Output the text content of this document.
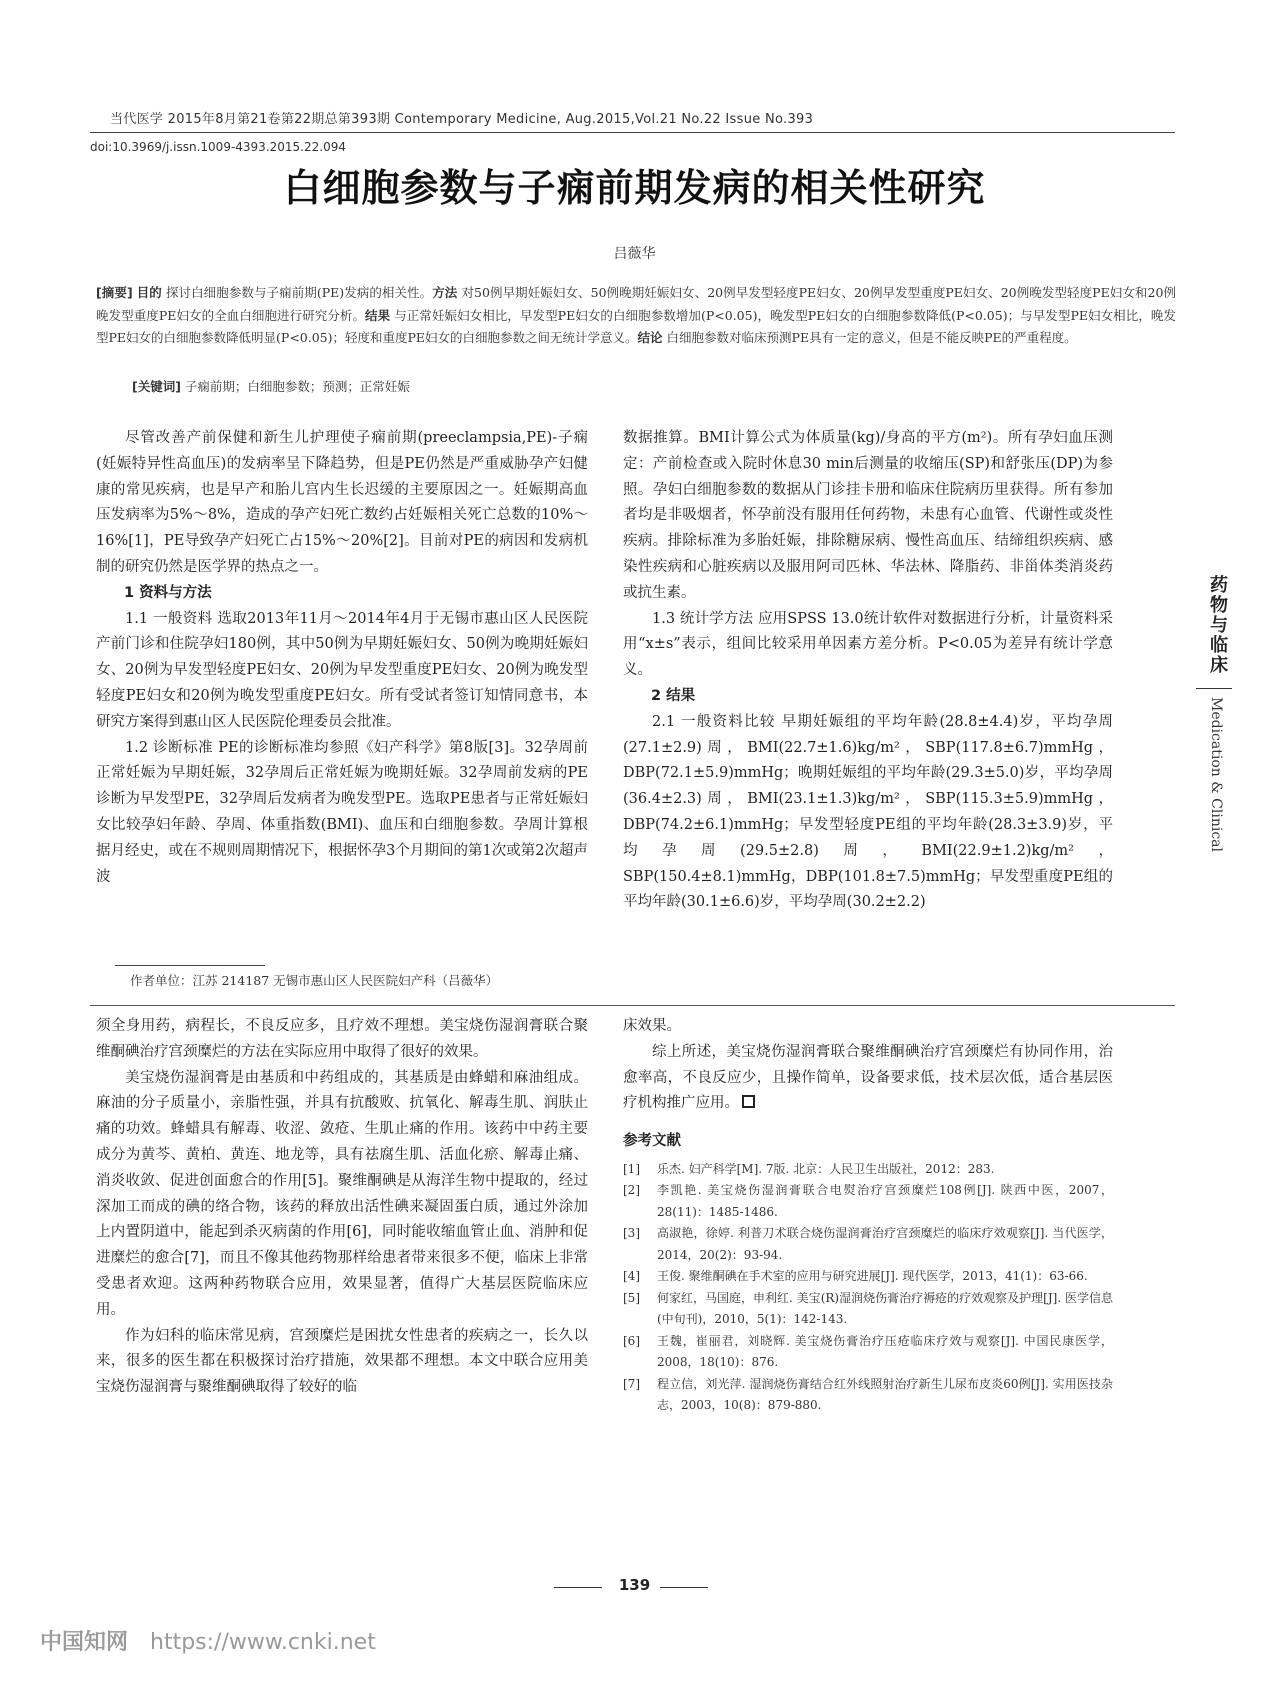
当代医学 2015年8月第21卷第22期总第393期 Contemporary Medicine, Aug.2015,Vol.21 No.22 Issue No.393
doi:10.3969/j.issn.1009-4393.2015.22.094
白细胞参数与子痫前期发病的相关性研究
吕薇华
[摘要] 目的 探讨白细胞参数与子痫前期(PE)发病的相关性。方法 对50例早期妊娠妇女、50例晚期妊娠妇女、20例早发型轻度PE妇女、20例早发型重度PE妇女、20例晚发型轻度PE妇女和20例晚发型重度PE妇女的全血白细胞进行研究分析。结果 与正常妊娠妇女相比，早发型PE妇女的白细胞参数增加(P<0.05)，晚发型PE妇女的白细胞参数降低(P<0.05)；与早发型PE妇女相比，晚发型PE妇女的白细胞参数降低明显(P<0.05)；轻度和重度PE妇女的白细胞参数之间无统计学意义。结论 白细胞参数对临床预测PE具有一定的意义，但是不能反映PE的严重程度。
[关键词] 子痫前期；白细胞参数；预测；正常妊娠

尽管改善产前保健和新生儿护理使子痫前期(preeclampsia,PE)-子痫(妊娠特异性高血压)的发病率呈下降趋势，但是PE仍然是严重威胁孕产妇健康的常见疾病，也是早产和胎儿宫内生长迟缓的主要原因之一。妊娠期高血压发病率为5%～8%，造成的孕产妇死亡数约占妊娠相关死亡总数的10%～16%[1]，PE导致孕产妇死亡占15%～20%[2]。目前对PE的病因和发病机制的研究仍然是医学界的热点之一。

1 资料与方法

1.1 一般资料 选取2013年11月～2014年4月于无锡市惠山区人民医院产前门诊和住院孕妇180例，其中50例为早期妊娠妇女、50例为晚期妊娠妇女、20例为早发型轻度PE妇女、20例为早发型重度PE妇女、20例为晚发型轻度PE妇女和20例为晚发型重度PE妇女。所有受试者签订知情同意书，本研究方案得到惠山区人民医院伦理委员会批准。

1.2 诊断标准 PE的诊断标准均参照《妇产科学》第8版[3]。32孕周前正常妊娠为早期妊娠，32孕周后正常妊娠为晚期妊娠。32孕周前发病的PE诊断为早发型PE，32孕周后发病者为晚发型PE。选取PE患者与正常妊娠妇女比较孕妇年龄、孕周、体重指数(BMI)、血压和白细胞参数。孕周计算根据月经史，或在不规则周期情况下，根据怀孕3个月期间的第1次或第2次超声波

数据推算。BMI计算公式为体质量(kg)/身高的平方(m²)。所有孕妇血压测定：产前检查或入院时休息30 min后测量的收缩压(SP)和舒张压(DP)为参照。孕妇白细胞参数的数据从门诊挂卡册和临床住院病历里获得。所有参加者均是非吸烟者，怀孕前没有服用任何药物，未患有心血管、代谢性或炎性疾病。排除标准为多胎妊娠，排除糖尿病、慢性高血压、结缔组织疾病、感染性疾病和心脏疾病以及服用阿司匹林、华法林、降脂药、非甾体类消炎药或抗生素。

1.3 统计学方法 应用SPSS 13.0统计软件对数据进行分析，计量资料采用“x±s”表示，组间比较采用单因素方差分析。P<0.05为差异有统计学意义。

2 结果

2.1 一般资料比较 早期妊娠组的平均年龄(28.8±4.4)岁，平均孕周(27.1±2.9)周，BMI(22.7±1.6)kg/m²，SBP(117.8±6.7)mmHg，DBP(72.1±5.9)mmHg；晚期妊娠组的平均年龄(29.3±5.0)岁，平均孕周(36.4±2.3)周，BMI(23.1±1.3)kg/m²，SBP(115.3±5.9)mmHg，DBP(74.2±6.1)mmHg；早发型轻度PE组的平均年龄(28.3±3.9)岁，平均孕周(29.5±2.8)周，BMI(22.9±1.2)kg/m²，SBP(150.4±8.1)mmHg，DBP(101.8±7.5)mmHg；早发型重度PE组的平均年龄(30.1±6.6)岁，平均孕周(30.2±2.2)

作者单位：江苏 214187 无锡市惠山区人民医院妇产科（吕薇华）

须全身用药，病程长，不良反应多，且疗效不理想。美宝烧伤湿润膏联合聚维酮碘治疗宫颈糜烂的方法在实际应用中取得了很好的效果。

美宝烧伤湿润膏是由基质和中药组成的，其基质是由蜂蜡和麻油组成。麻油的分子质量小，亲脂性强，并具有抗酸败、抗氧化、解毒生肌、润肤止痛的功效。蜂蜡具有解毒、收涩、敛疮、生肌止痛的作用。该药中中药主要成分为黄芩、黄柏、黄连、地龙等，具有祛腐生肌、活血化瘀、解毒止痛、消炎收敛、促进创面愈合的作用[5]。聚维酮碘是从海洋生物中提取的，经过深加工而成的碘的络合物，该药的释放出活性碘来凝固蛋白质，通过外涂加上内置阴道中，能起到杀灭病菌的作用[6]，同时能收缩血管止血、消肿和促进糜烂的愈合[7]，而且不像其他药物那样给患者带来很多不便，临床上非常受患者欢迎。这两种药物联合应用，效果显著，值得广大基层医院临床应用。

作为妇科的临床常见病，宫颈糜烂是困扰女性患者的疾病之一，长久以来，很多的医生都在积极探讨治疗措施，效果都不理想。本文中联合应用美宝烧伤湿润膏与聚维酮碘取得了较好的临

床效果。

综上所述，美宝烧伤湿润膏联合聚维酮碘治疗宫颈糜烂有协同作用，治愈率高，不良反应少，且操作简单，设备要求低，技术层次低，适合基层医疗机构推广应用。

参考文献
[1]	乐杰. 妇产科学[M]. 7版. 北京：人民卫生出版社，2012：283.
[2]	李凯艳. 美宝烧伤湿润膏联合电熨治疗宫颈糜烂108例[J]. 陕西中医，2007，28(11)：1485-1486.
[3]	高淑艳，徐婷. 利普刀术联合烧伤湿润膏治疗宫颈糜烂的临床疗效观察[J]. 当代医学，2014，20(2)：93-94.
[4]	王俊. 聚维酮碘在手术室的应用与研究进展[J]. 现代医学，2013，41(1)：63-66.
[5]	何家红，马国庭，申利红. 美宝(R)湿润烧伤膏治疗褥疮的疗效观察及护理[J]. 医学信息(中旬刊)，2010，5(1)：142-143.
[6]	王魏，崔丽君，刘晓辉. 美宝烧伤膏治疗压疮临床疗效与观察[J]. 中国民康医学，2008，18(10)：876.
[7]	程立信，刘光萍. 湿润烧伤膏结合红外线照射治疗新生儿尿布皮炎60例[J]. 实用医技杂志，2003，10(8)：879-880.
药物与临床
Medication & Clinical
139
中国知网 https://www.cnki.net
